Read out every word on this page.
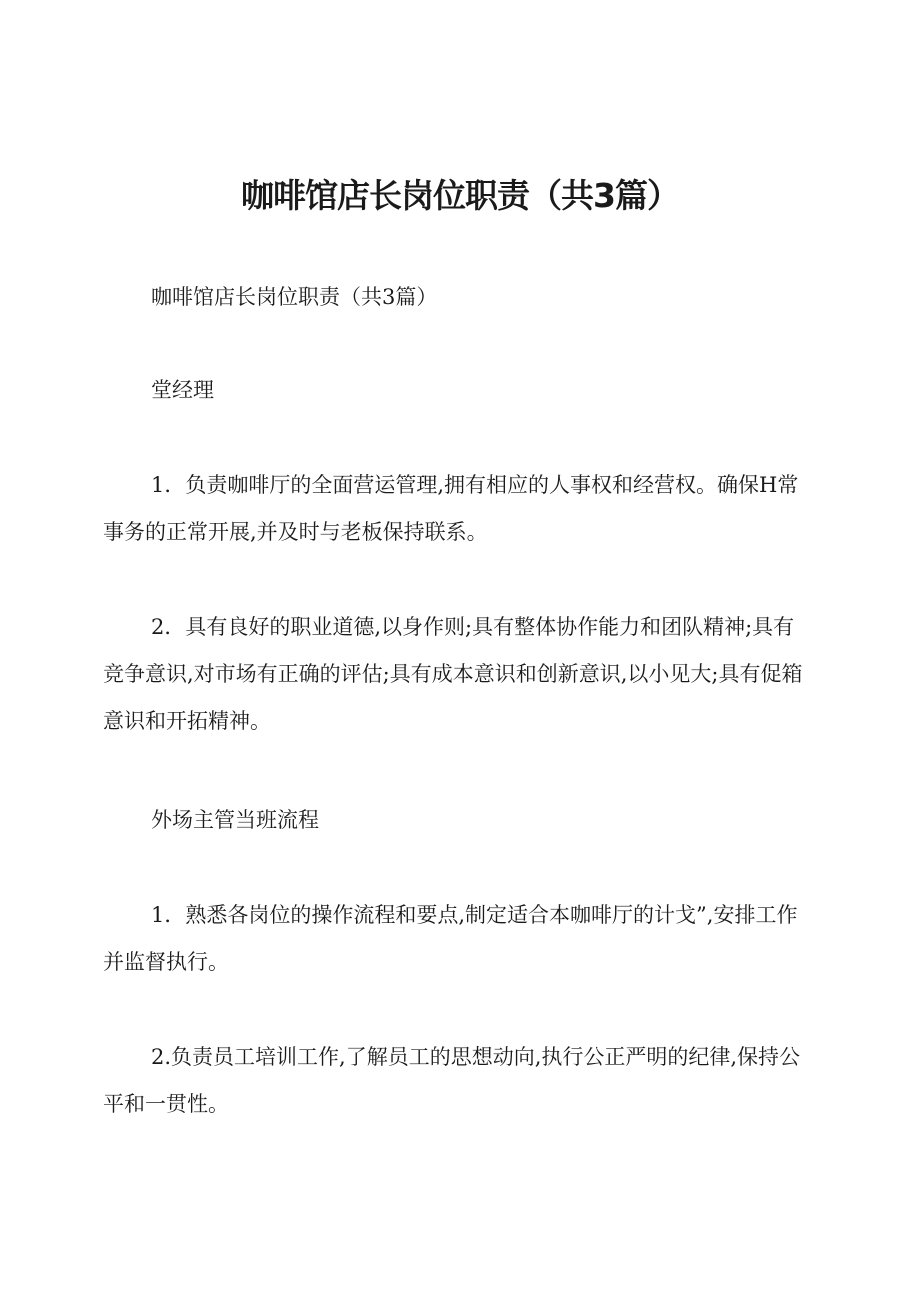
咖啡馆店长岗位职责（共3篇）

咖啡馆店长岗位职责（共3篇）

堂经理

1．负责咖啡厅的全面营运管理,拥有相应的人事权和经营权。确保H常事务的正常开展,并及时与老板保持联系。

2．具有良好的职业道德,以身作则;具有整体协作能力和团队精神;具有竞争意识,对市场有正确的评估;具有成本意识和创新意识,以小见大;具有促箱意识和开拓精神。

外场主管当班流程

1．熟悉各岗位的操作流程和要点,制定适合本咖啡厅的计戈”,安排工作并监督执行。

2.负责员工培训工作,了解员工的思想动向,执行公正严明的纪律,保持公平和一贯性。
